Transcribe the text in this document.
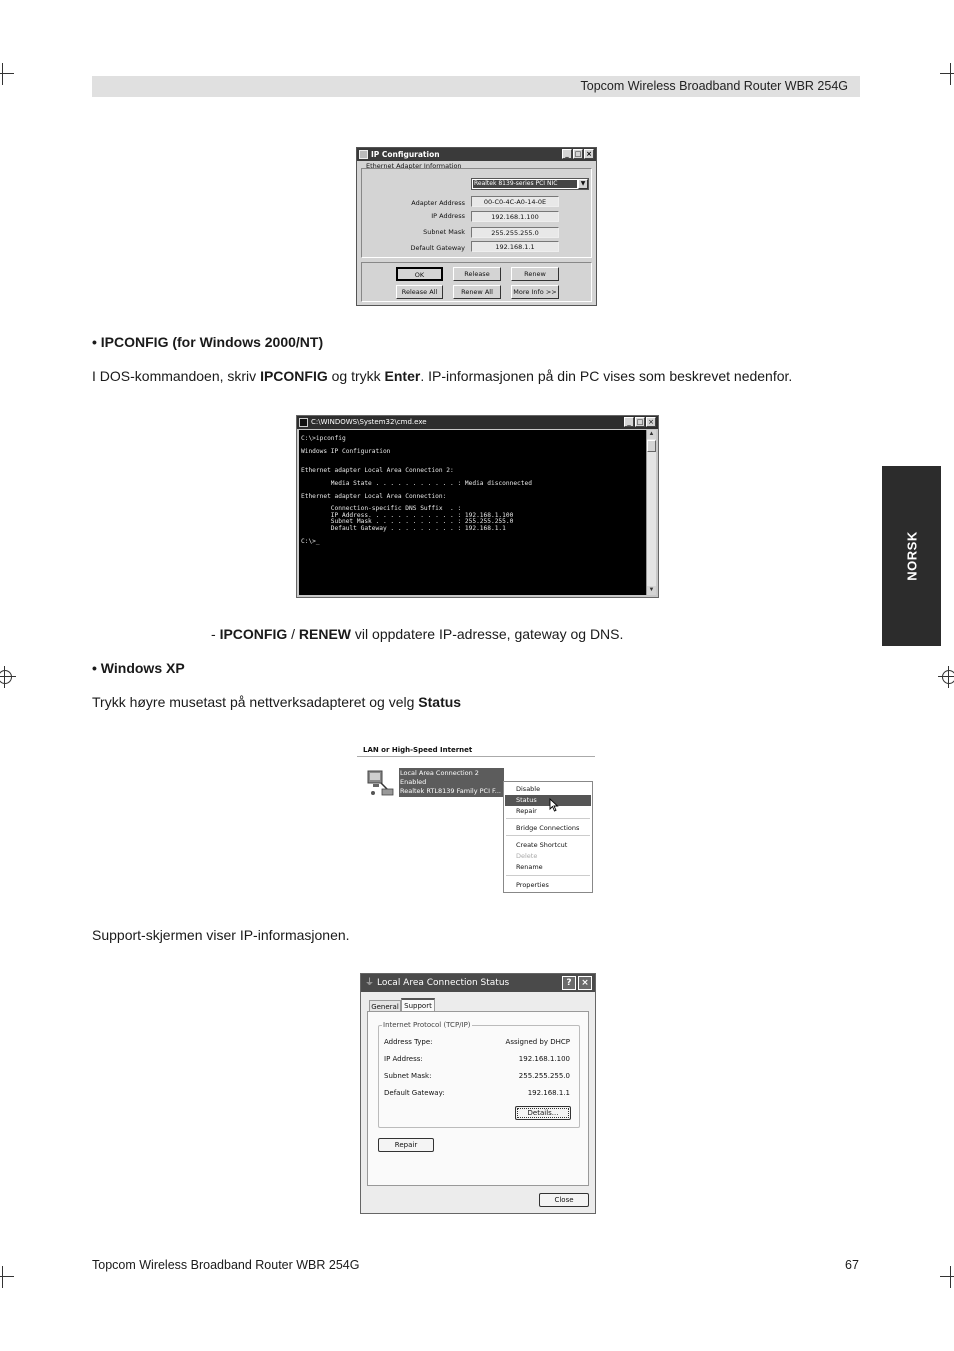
Topcom Wireless Broadband Router WBR 254G
NORSK
IP Configuration	_ □ ×
Ethernet Adapter Information
Realtek 8139-series PCI NIC	▼
Adapter Address	00-C0-4C-A0-14-0E
IP Address	192.168.1.100
Subnet Mask	255.255.255.0
Default Gateway	192.168.1.1
OK	Release	Renew
Release All	Renew All	More Info >>
• IPCONFIG (for Windows 2000/NT)
I DOS-kommandoen, skriv IPCONFIG og trykk Enter. IP-informasjonen på din PC vises som beskrevet nedenfor.
C:\WINDOWS\System32\cmd.exe	_ □ ×
C:\>ipconfig

Windows IP Configuration

Ethernet adapter Local Area Connection 2:

Media State . . . . . . . . . . . : Media disconnected

Ethernet adapter Local Area Connection:

Connection-specific DNS Suffix  . :
IP Address. . . . . . . . . . . . : 192.168.1.100
Subnet Mask . . . . . . . . . . . : 255.255.255.0
Default Gateway . . . . . . . . . : 192.168.1.1

C:\>_
▲
▼
- IPCONFIG / RENEW vil oppdatere IP-adresse, gateway og DNS.
• Windows XP
Trykk høyre musetast på nettverksadapteret og velg Status
LAN or High-Speed Internet
Local Area Connection 2
Enabled
Realtek RTL8139 Family PCI F...	Disable
Status
Repair
Bridge Connections
Create Shortcut
Delete
Rename
Properties
Support-skjermen viser IP-informasjonen.
⏚ Local Area Connection Status	?	×
General Support
Internet Protocol (TCP/IP)
Address Type:	Assigned by DHCP
IP Address:	192.168.1.100
Subnet Mask:	255.255.255.0
Default Gateway:	192.168.1.1
Details...
Repair
Close
Topcom Wireless Broadband Router WBR 254G	67
